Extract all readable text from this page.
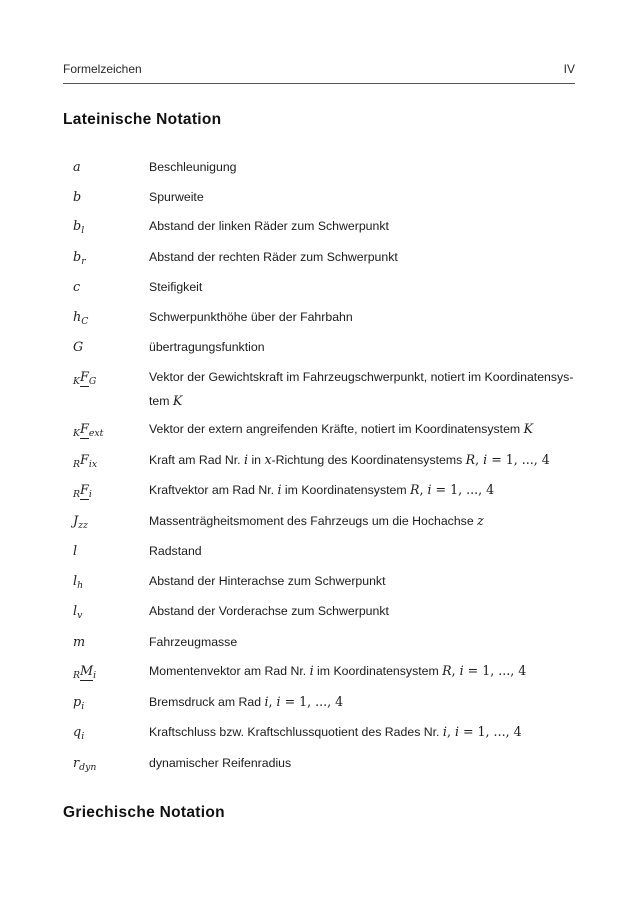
Formelzeichen	IV
Lateinische Notation
a	Beschleunigung
b	Spurweite
$b_l$	Abstand der linken Räder zum Schwerpunkt
$b_r$	Abstand der rechten Räder zum Schwerpunkt
c	Steifigkeit
$h_C$	Schwerpunkthöhe über der Fahrbahn
G	übertragungsfunktion
$_KF_G$	Vektor der Gewichtskraft im Fahrzeugschwerpunkt, notiert im Koordinatensys-
tem K
$_KF_{ext}$	Vektor der extern angreifenden Kräfte, notiert im Koordinatensystem K
$_RF_{ix}$	Kraft am Rad Nr. i in x-Richtung des Koordinatensystems R, i = 1, ..., 4
$_RF_i$	Kraftvektor am Rad Nr. i im Koordinatensystem R, i = 1, ..., 4
$J_{zz}$	Massenträgheitsmoment des Fahrzeugs um die Hochachse z
l	Radstand
$l_h$	Abstand der Hinterachse zum Schwerpunkt
$l_v$	Abstand der Vorderachse zum Schwerpunkt
m	Fahrzeugmasse
$_RM_i$	Momentenvektor am Rad Nr. i im Koordinatensystem R, i = 1, ..., 4
$p_i$	Bremsdruck am Rad i, i = 1, ..., 4
$q_i$	Kraftschluss bzw. Kraftschlussquotient des Rades Nr. i, i = 1, ..., 4
$r_{dyn}$	dynamischer Reifenradius
Griechische Notation
